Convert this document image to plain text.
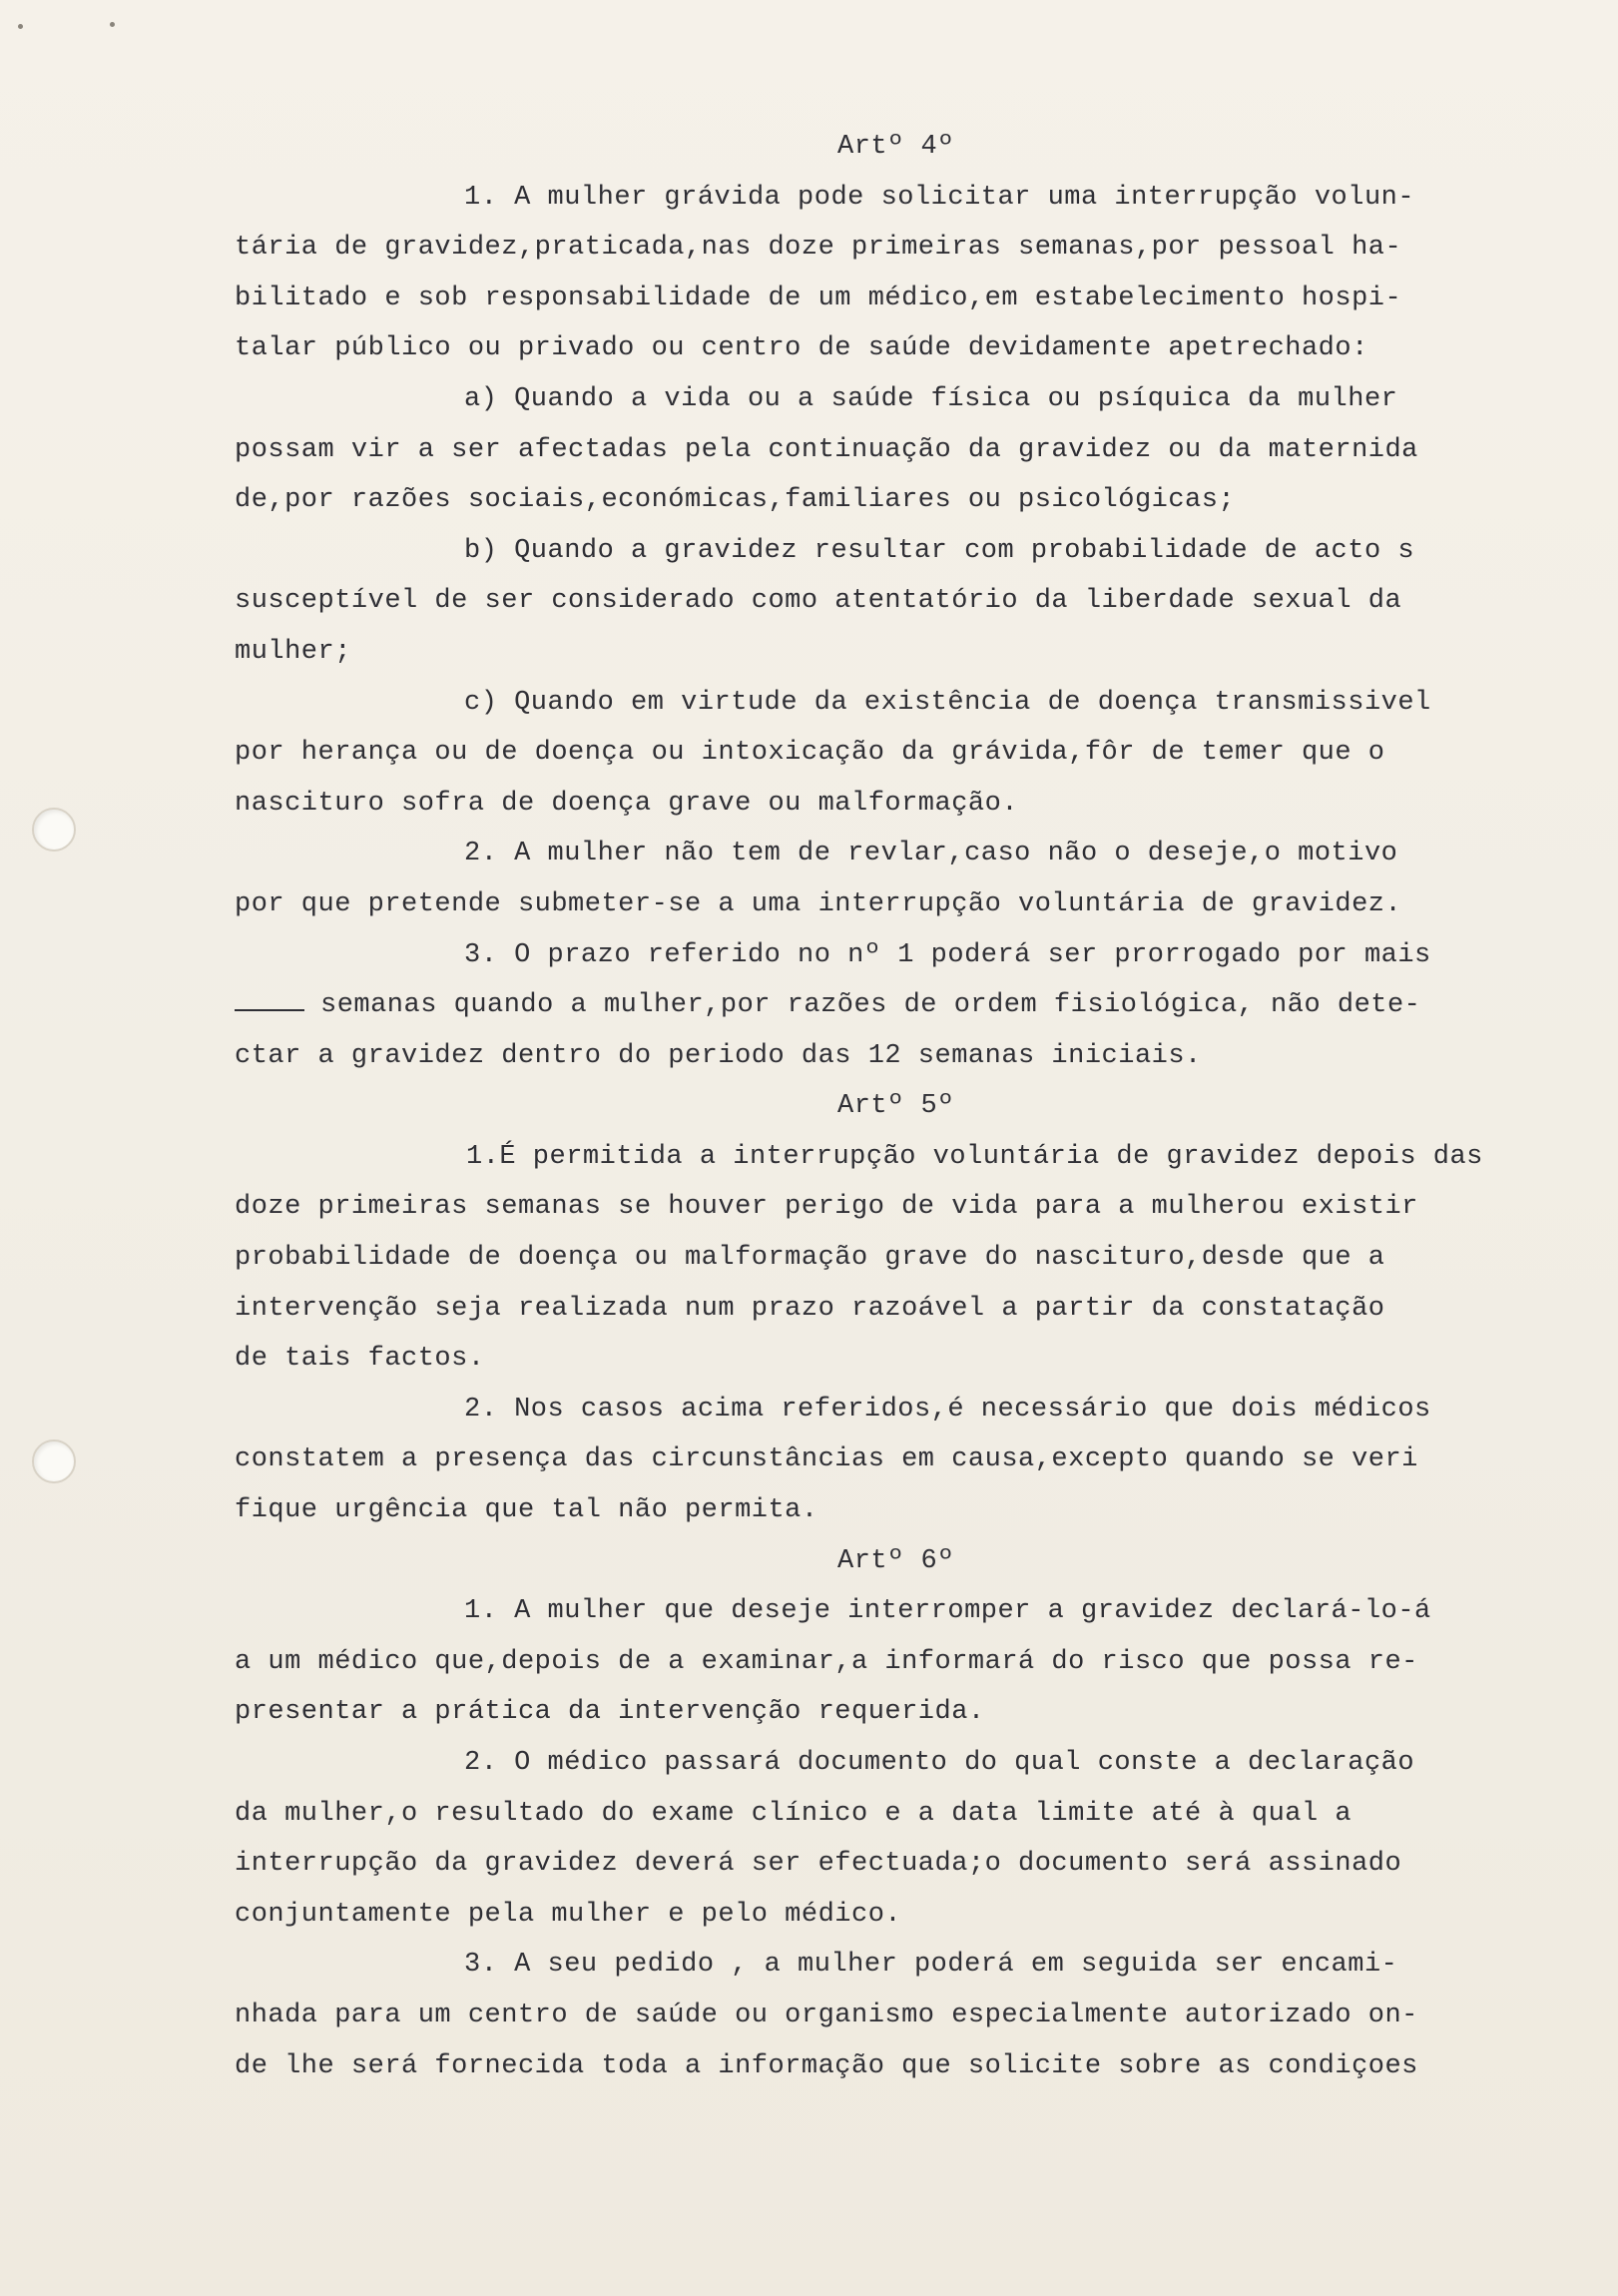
Artº 4º
1. A mulher grávida pode solicitar uma interrupção volun-
tária de gravidez,praticada,nas doze primeiras semanas,por pessoal ha-
bilitado e sob responsabilidade de um médico,em estabelecimento hospi-
talar público ou privado ou centro de saúde devidamente apetrechado:
a) Quando a vida ou a saúde física ou psíquica da mulher
possam vir a ser afectadas pela continuação da gravidez ou da maternida
de,por razões sociais,económicas,familiares ou psicológicas;
b) Quando a gravidez resultar com probabilidade de acto s
susceptível de ser considerado como atentatório da liberdade sexual da
mulher;
c) Quando em virtude da existência de doença transmissivel
por herança ou de doença ou intoxicação da grávida,fôr de temer que o
nascituro sofra de doença grave ou malformação.
2. A mulher não tem de revlar,caso não o deseje,o motivo
por que pretende submeter-se a uma interrupção voluntária de gravidez.
3. O prazo referido no nº 1 poderá ser prorrogado por mais
semanas quando a mulher,por razões de ordem fisiológica, não dete-
ctar a gravidez dentro do periodo das 12 semanas iniciais.
Artº 5º
1.É permitida a interrupção voluntária de gravidez depois das
doze primeiras semanas se houver perigo de vida para a mulherou existir
probabilidade de doença ou malformação grave do nascituro,desde que a
intervenção seja realizada num prazo razoável a partir da constatação
de tais factos.
2. Nos casos acima referidos,é necessário que dois médicos
constatem a presença das circunstâncias em causa,excepto quando se veri
fique urgência que tal não permita.
Artº 6º
1. A mulher que deseje interromper a gravidez declará-lo-á
a um médico que,depois de a examinar,a informará do risco que possa re-
presentar a prática da intervenção requerida.
2. O médico passará documento do qual conste a declaração
da mulher,o resultado do exame clínico e a data limite até à qual a
interrupção da gravidez deverá ser efectuada;o documento será assinado
conjuntamente pela mulher e pelo médico.
3. A seu pedido , a mulher poderá em seguida ser encami-
nhada para um centro de saúde ou organismo especialmente autorizado on-
de lhe será fornecida toda a informação que solicite sobre as condiçoes
